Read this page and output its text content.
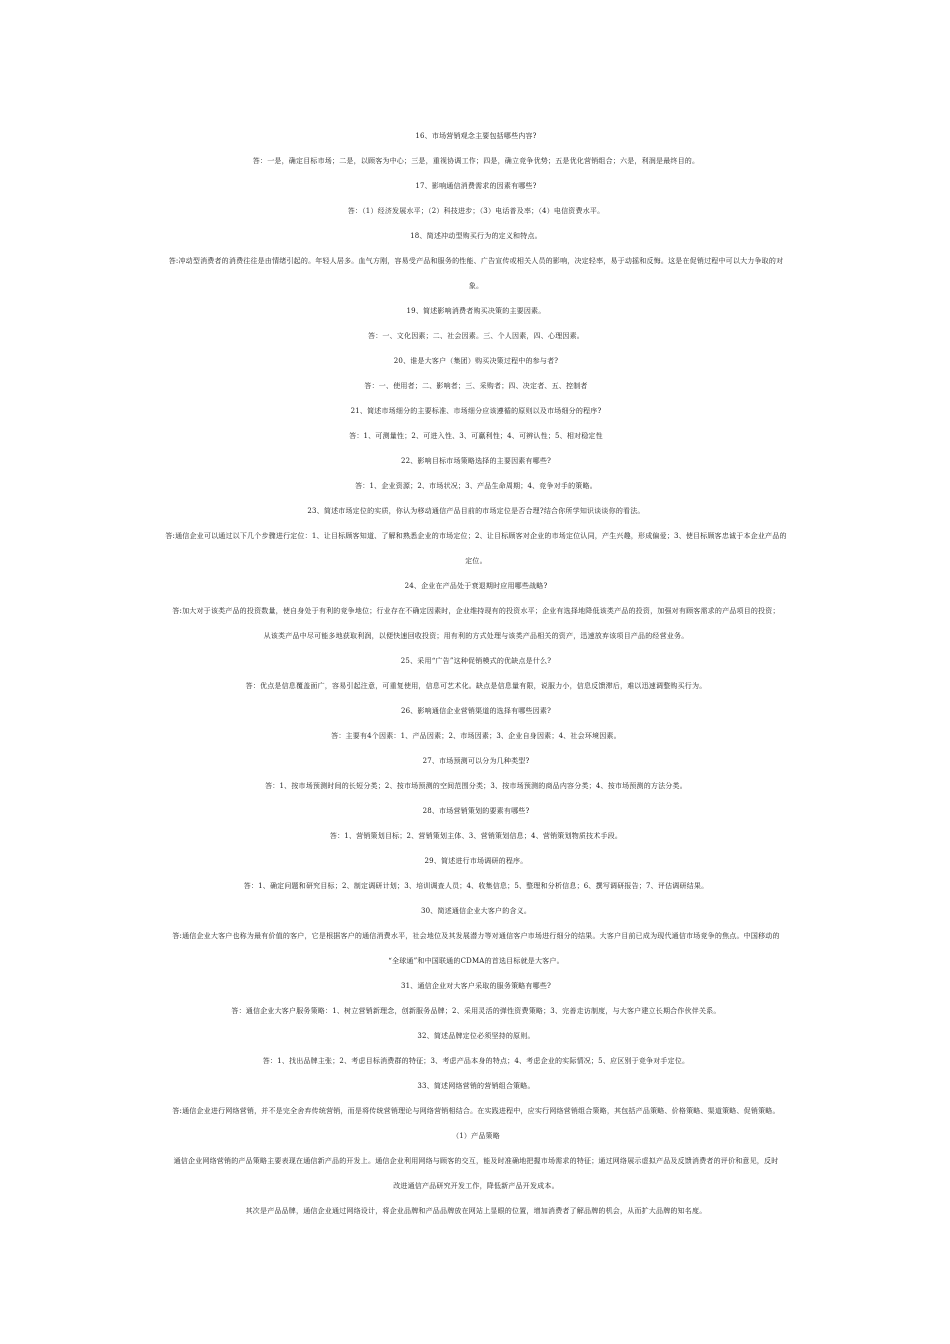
16、市场营销观念主要包括哪些内容?
答：一是，确定目标市场；二是，以顾客为中心；三是，重视协调工作；四是，确立竞争优势；五是优化营销组合；六是，利润是最终目的。
17、影响通信消费需求的因素有哪些?
答：（1）经济发展水平；（2）科技进步；（3）电话普及率；（4）电信资费水平。
18、简述冲动型购买行为的定义和特点。
答:冲动型消费者的消费往往是由情绪引起的。年轻人居多。血气方刚，容易受产品和服务的性能、广告宣传或相关人员的影响，决定轻率，易于动摇和反悔。这是在促销过程中可以大力争取的对
象。
19、简述影响消费者购买决策的主要因素。
答：一、文化因素；二、社会因素。三、个人因素，四、心理因素。
20、谁是大客户（集团）购买决策过程中的参与者?
答：一、使用者；二、影响者；三、采购者；四、决定者、五、控制者
21、简述市场细分的主要标准、市场细分应该遵循的原则以及市场细分的程序?
答：1、可测量性；2、可进入性、3、可赢利性；4、可辨认性；5、相对稳定性
22、影响目标市场策略选择的主要因素有哪些?
答：1、企业资源；2、市场状况；3、产品生命周期；4、竞争对手的策略。
23、简述市场定位的实质，你认为移动通信产品目前的市场定位是否合理?结合你所学知识谈谈你的看法。
答:通信企业可以通过以下几个步骤进行定位：1、让目标顾客知道、了解和熟悉企业的市场定位；2、让目标顾客对企业的市场定位认同，产生兴趣，形成偏爱；3、使目标顾客忠诚于本企业产品的
定位。
24、企业在产品处于衰退期时应用哪些战略?
答:加大对于该类产品的投资数量，使自身处于有利的竞争地位；行业存在不确定因素时，企业维持现有的投资水平；企业有选择地降低该类产品的投资，加强对有顾客需求的产品项目的投资；
从该类产品中尽可能多地获取利润，以便快速回收投资；用有利的方式处理与该类产品相关的资产，迅速放弃该项目产品的经营业务。
25、采用“广告”这种促销模式的优缺点是什么?
答：优点是信息覆盖面广，容易引起注意，可重复使用，信息可艺术化。缺点是信息量有限，说服力小，信息反馈滞后，难以迅速调整购买行为。
26、影响通信企业营销渠道的选择有哪些因素?
答：主要有4个因素：1、产品因素；2、市场因素；3、企业自身因素；4、社会环境因素。
27、市场预测可以分为几种类型?
答：1、按市场预测时间的长短分类；2、按市场预测的空间范围分类；3、按市场预测的商品内容分类；4、按市场预测的方法分类。
28、市场营销策划的要素有哪些?
答：1、营销策划目标；2、营销策划主体、3、营销策划信息；4、营销策划物质技术手段。
29、简述进行市场调研的程序。
答：1、确定问题和研究目标；2、制定调研计划；3、培训调查人员；4、收集信息；5、整理和分析信息；6、撰写调研报告；7、评估调研结果。
30、简述通信企业大客户的含义。
答:通信企业大客户也称为最有价值的客户，它是根据客户的通信消费水平，社会地位及其发展潜力等对通信客户市场进行细分的结果。大客户目前已成为现代通信市场竞争的焦点。中国移动的
“全球通”和中国联通的CDMA的首选目标就是大客户。
31、通信企业对大客户采取的服务策略有哪些?
答：通信企业大客户服务策略：1、树立营销新理念，创新服务品牌；2、采用灵活的弹性资费策略；3、完善走访制度，与大客户建立长期合作伙伴关系。
32、简述品牌定位必须坚持的原则。
答：1、找出品牌主张；2、考虑目标消费群的特征；3、考虑产品本身的特点；4、考虑企业的实际情况；5、应区别于竞争对手定位。
33、简述网络营销的营销组合策略。
答:通信企业进行网络营销，并不是完全舍弃传统营销，而是将传统营销理论与网络营销相结合。在实践进程中，应实行网络营销组合策略，其包括产品策略、价格策略、渠道策略、促销策略。
（1）产品策略
通信企业网络营销的产品策略主要表现在通信新产品的开发上。通信企业利用网络与顾客的交互，能及时准确地把握市场需求的特征；通过网络展示虚拟产品及反馈消费者的评价和意见，反时
改进通信产品研究开发工作，降低新产品开发成本。
其次是产品品牌，通信企业通过网络设计，将企业品牌和产品品牌放在网站上显眼的位置，增加消费者了解品牌的机会，从而扩大品牌的知名度。
